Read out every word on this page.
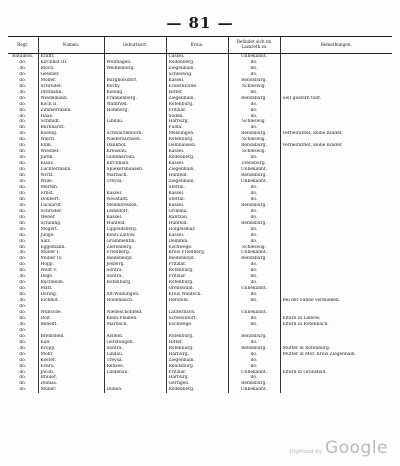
— 81 —
Regt.	Namen.	Geburtsort.	Kreis.	Befindet sich im Lazareth zu	Bemerkungen.
Bataillon.	Krafft.		Cassel.	Unbekannt.	
do.	Kirchhof III.	Wolfhagen.	Rodenberg.	do.	
do.	Bloch.	Weißenburg.	Ziegenhain.	do.	
do.	Gessner.		Schleswig.	do.	
do.	Möller.	Burghofsdorf.	Kassel.	Rendsburg.	
do.	Schröder.	Borby.	Eckernförde.	Schleswig.	
do.	Dittmann.	Kieling.	Hitter.	do.	
do.	Wiedemann.	Frankenberg.	Ziegenhain.	Rendsburg.	Seit gestern todt.
do.	Koch II.	Wanfried.	Rotenburg.	do.	
do.	Zimmermann.	Homberg.	Fritzlar.	do.	
do.	Haas.		Soden.	do.	
do.	Schmidt.	Lindau.	Harburg.	Schleswig.	
do.	Burkhardt.		Fulda.	do.	
do.	Koenig.	Schwarzenborn.	Melsungen.	Rendsburg.	Verheirathet, keine Kinder.
do.	Walch.	Niedersachsen.	Rotenburg.	Schleswig.	
do.	Ehm.	Dankhof.	Gelnhausen.	Rendsburg.	Verheirathet, keine Kinder.
do.	Wiesner.	Kreissau.	Kassel.	Schleswig.	
do.	Jurek.	Glimmeroda.	Rodenberg.	do.	
do.	Klaus.	Kirchhain.	Kassel.	Flensburg.	
do.	Luchtermann.	Spiekershausen.	Ziegenhain.	Unbekannt.	
do.	Wirtz.	Marbach.	Hünfeld.	Rendsburg.	
do.	Wille.	Treysa.	Ziegenhain.	Unbekannt.	
do.	Merten.		Stettin.	do.	
do.	Ernst.	Kassel.	Kassel.	do.	
do.	Dobbert.	Neustadt.	Stettin.	do.	
do.	Luckardt.	Meimbressen.	Kassel.	Rendsburg.	
do.	Schröder.	Lemsdorf.	Grimma.	do.	
do.	Weber.	Kassel.	Rantzau.	do.	
do.	Schilling.	Hünfeld.	Hünfeld.	Rendsburg.	
do.	Mögert.	Lippoldsberg.	Hofgeismar.	do.	
do.	Junge.	Klein-Zalfow.	Kassel.	do.	
do.	Salz.	Grammentin.	Demmin.	do.	
do.	Eggemann.	Zierenberg.	Eschwege.	Schleswig.	
do.	Müller I.	Friedberg.	Kreis Friedberg.	Unbekannt.	
do.	Müller IV.	Biedenkopf.	Biedenkopf.	Rendsburg.	
do.	Hopp.	Jesberg.	Fritzlar.	do.	
do.	Wolff V.	Sontra.	Rotenburg.	do.	
do.	Dege.	Sontra.	Fritzlar.	do.	
do.	Buchheim.	Rotenburg.	Rotenburg.	do.	
do.	Matt.		Greifswald.	Unbekannt.	
do.	Döring.	Alt-Wildungen.	Kreis Waldeck.	do.	
do.	Eichhof.	Hollenbach.	Hersfeld.	do.	Bei der Fahne verblieben.
do.					
do.	Wünsche.	Niedeschönfeld.	Lauterbach.	Unbekannt.	
do.	Dolt.	Klein-Pleißen.	Schweinfurt.	do.	Eltern in Liebow.
do.	Benedt.	Marbach.	Eschwege.	do.	Eltern in Rotenbach.
do.					
do.	Bremsfeld.	Alsfeld.	Rotenburg.	Rendsburg.	
do.	Kall.	Gerstungen.	Hitter.	do.	
do.	Kropp.	Sontra.	Rotenburg.	Rendsburg.	Mutter in Rotenburg.
do.	Mohr.	Lindau.	Harburg.	do.	Mutter in Mor. Kreis Ziegenhain.
do.	Köster.	Treysa.	Ziegenhain.	do.	
do.	Evers.	Rehsee.	Rendsburg.	do.	
do.	Jacob.	Lindenau.	Fritzlar.	Unbekannt.	Eltern in Grünsfeld.
do.	Brauer.		Harburg.	do.	
do.	Dumas.		Gertigen.	Rendsburg.	
do.	Müller.	Duhen.	Rodenberg.	Unbekannt.	
Digitized by Google
